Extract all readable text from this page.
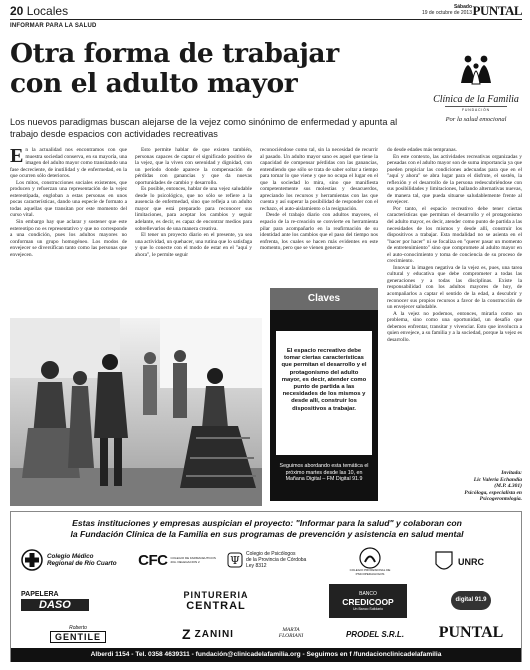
20 Locales	Sábado
19 de octubre de 2013 PUNTAL
INFORMAR PARA LA SALUD
Otra forma de trabajar
con el adulto mayor
Los nuevos paradigmas buscan alejarse de la vejez como sinónimo de enfermedad y apunta al trabajo desde espacios con actividades recreativas
Clínica de la Familia
FUNDACIÓN
Por la salud emocional

En la actualidad nos encontramos con que muestra sociedad conserva, en su mayoría, una imagen del adulto mayor como transitando una fase decreciente, de inutilidad y de enfermedad, en la que ocurren sólo deterioros.

Los mitos, construcciones sociales existentes, que producen y refuerzan una representación de la vejez estereotipada, engloban a estas personas en unos pocas características, dando una especie de formato a todas aquellas que transitan por este momento del curso vital.

Sin embargo hay que aclarar y sostener que este estereotipo no es representativo y que no corresponde a una condición, pues los adultos mayores no conforman un grupo homogéneo. Los modos de envejecer se diversifican tanto como las personas que envejecen.

Esto permite hablar de que existen también, personas capaces de captar el significado positivo de la vejez, que la viven con serenidad y dignidad, con un período donde aparece la compensación de pérdidas con ganancias y que da nuevas oportunidades de cambio y desarrollo.

Es posible, entonces, hablar de una vejez saludable desde lo psicológico, que no sólo se refiere a la ausencia de enfermedad, sino que refleja a un adulto mayor que está preparado para reconocer sus limitaciones, para aceptar los cambios y seguir adelante, es decir, es capaz de encontrar medios para sobrellevarlos de una manera creativa.

El tener un proyecto diario en el presente, ya sea una actividad, un quehacer, una rutina que lo satisfaga y que lo conecte con el modo de estar en el "aquí y ahora", le permite seguir

reconociéndose como tal, sin la necesidad de recurrir al pasado. Un adulto mayor sano es aquel que tiene la capacidad de compensar pérdidas con las ganancias, entendiendo que sólo se trata de saber soltar a tiempo para tomar lo que viene y que no ocupa el lugar en el que la sociedad lo mira, sino que manifiesta competentemente sus molestias y desacuerdos, apreciando los recursos y herramientas con las que cuenta y así superar la posibilidad de responder con el rechazo, el auto-aislamiento o la resignación.

Desde el trabajo diario con adultos mayores, el espacio de la re-creación se convierte en herramienta pilar para acompañarlo en la reafirmación de su identidad ante los cambios que el paso del tiempo nos enfrenta, los cuales se hacen más evidentes en este momento, pero que se vienen generan-

do desde edades más tempranas.

En este contexto, las actividades recreativas organizadas y pensadas con el adulto mayor son de suma importancia ya que pueden propiciar las condiciones adecuadas para que en el "aquí y ahora" se abra lugar para el disfrute, el sostén, la reflexión y el desarrollo de la persona redescubriéndose con sus posibilidades y limitaciones, hallando alternativas nuevas, de manera tal, que pueda situarse saludablemente frente al envejecer.

Por tanto, el espacio recreativo debe tener ciertas características que permitan el desarrollo y el protagonismo del adulto mayor, es decir, atender como punto de partida a las necesidades de los mismos y desde allí, construir los dispositivos a trabajar. Esta modalidad no se asienta en el "hacer por hacer" ni se focaliza en "querer pasar un momento de entretenimiento" sino que compromete al adulto mayor en el auto-conocimiento y toma de conciencia de su proceso de crecimiento.

Innovar la imagen negativa de la vejez es, pues, una tarea cultural y educativa que debe comprometer a todas las generaciones y a todas las disciplinas. Existe la responsabilidad con los adultos mayores de hoy, de acompañarlos a captar el sentido de la edad, a descubrir y reconocer sus propios recursos a favor de la construcción de un envejecer saludable.

A la vejez no podemos, entonces, mirarla como un problema, sino como una oportunidad, un desafío que debemos enfrentar, transitar y vivenciar. Esto que involucra a quien envejece, a su familia y a la sociedad, porque la vejez es desarrollo.

Claves
El espacio recreativo debe tomar ciertas características que permitan el desarrollo y el protagonismo del adulto mayor, es decir, atender como punto de partida a las necesidades de los mismos y desde allí, construir los dispositivos a trabajar.
Seguimos abordando esta temática el próximo martes desde las 10, en Mañana Digital – FM Digital 91.9
Invitada:
Lic Valeria Echandía
(M.P. 4.301)
Psicóloga, especialista en
Psicogerontología.
Estas instituciones y empresas auspician el proyecto: "Informar para la salud" y colaboran con
la Fundación Clínica de la Familia en sus programas de prevención y asistencia en salud mental
Colegio Médico
Regional de Río Cuarto CFC COLEGIO DE FARMACEUTICOS
20A. DELEGACION 2	Ψ Colegio de Psicólogos
de la Provincia de Córdoba
Ley 8312
COLEGIO PROFESIONAL DE
PSICOPEDAGOGOS
UNRC
PAPELERA
DASO
PINTURERIA
CENTRAL
BANCO
CREDICOOP
Un Banco Solidario
digital 91.9
Roberto
GENTILE	Z ZANINI	MARTA
FLORIANI	PRODEL S.R.L. PUNTAL
Alberdi 1154 - Tel. 0358 4639311 - fundación@clinicadelafamilia.org - Seguimos en f /fundacionclinicadelafamilia
